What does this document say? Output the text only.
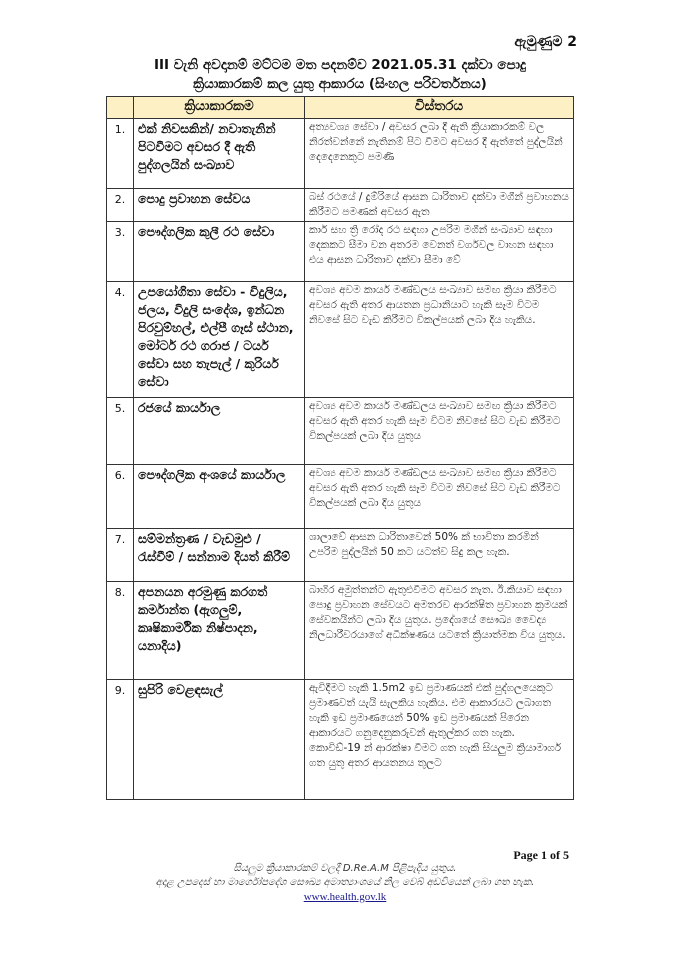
ඇමුණුම 2
III වැනි අවදානම් මට්ටම මත පදනම්ව 2021.05.31 දක්වා පොදු
ක්‍රියාකාරකම් කල යුතු ආකාරය (සිංහල පරිවර්තනය)
	ක්‍රියාකාරකම	විස්තරය
1.	එක් නිවසකින්/ නවාතැනින් පිටවීමට අවසර දී ඇති පුද්ගලයින් සංඛ්‍යාව	අත්‍යවශ්‍ය සේවා / අවසර ලබා දී ඇති ක්‍රියාකාරකම් වල නිරත්වන්නේ නැතිනම් පිට වීමට අවසර දී ඇත්තේ පුද්ලයින් දෙදෙනෙකුට පමණි
2.	පොදු ප්‍රවාහන සේවය	බස් රථයේ / දුම්රියේ ආසන ධාරිතාව දක්වා මගීන් ප්‍රවාහනය කිරීමට පමණක් අවසර ඇත
3.	පෞද්ගලික කුලී රථ සේවා	කාර් සහ ත්‍රි රෝද රථ සඳහා උපරිම මගීන් සංඛ්‍යාව සඳහා දෙකකට සීමා වන අතරම වෙනත් වර්ගවල වාහන සඳහා එය ආසන ධාරිතාව දක්වා සීමා වේ
4.	උපයෝගිතා සේවා - විදුලිය, ජලය, විදුලි සංදේශ, ඉන්ධන පිරවුම්හල්, එල්පී ගෑස් ස්ථාන, මෝටර් රථ ගරාජ / ටයර් සේවා සහ තැපැල් / කුරියර් සේවා	අවශ්‍ය අවම කාර්ය මණ්ඩලය සංඛ්‍යාව සමඟ ක්‍රියා කිරීමට අවසර ඇති අතර ආයතන ප්‍රධානියාට හැකි සෑම විටම නිවසේ සිට වැඩ කිරීමට විකල්පයක් ලබා දිය හැකිය.
5.	රජයේ කාර්යාල	අවශ්‍ය අවම කාර්ය මණ්ඩලය සංඛ්‍යාව සමඟ ක්‍රියා කිරීමට අවසර ඇති අතර හැකි සෑම විටම නිවසේ සිට වැඩ කිරීමට විකල්පයක් ලබා දිය යුතුය
6.	පෞද්ගලික අංශයේ කාර්යාල	අවශ්‍ය අවම කාර්ය මණ්ඩලය සංඛ්‍යාව සමඟ ක්‍රියා කිරීමට අවසර ඇති අතර හැකි සෑම විටම නිවසේ සිට වැඩ කිරීමට විකල්පයක් ලබා දිය යුතුය
7.	සම්මන්ත්‍රණ / වැඩමුළු / රැස්වීම් / සන්නාම දියත් කිරීම්	ශාලාවේ ආසන ධාරිතාවෙන් 50% ක් භාවිතා කරමින් උපරිම පුද්ලයින් 50 කට යටත්ව සිදු කල හැක.
8.	අපනයන අරමුණු කරගත් කර්මාන්ත (ඇගලුම්, කෘෂිකාර්මික නිෂ්පාදන, යනාදිය)	බාහිර අමුත්තන්ට ඇතුළුවීමට අවසර නැත. ඊ.කියාව සඳහා පොදු ප්‍රවාහන සේවයට අමතරව ආරක්ෂිත ප්‍රවාහන ක්‍රමයක් සේවකයින්ට ලබා දිය යුතුය. ප්‍රදේශයේ සෞඛ්‍ය වෛද්‍ය නිලධාරීවරයාගේ අධීක්ෂණය යටතේ ක්‍රියාත්මක විය යුතුය.
9.	සුපිරි වෙළඳසැල්	ඇවිදීමට හැකි 1.5m2 ඉඩ ප්‍රමාණයක් එක් පුද්ගලයෙකුට ප්‍රමාණවත් යැයි සැලකිය හැකිය. එම ආකාරයට ලබාගත හැකි ඉඩ ප්‍රමාණයෙන් 50% ඉඩ ප්‍රමාණයක් පිරෙන ආකාරයට ගනුදෙනුකරුවන් ඇතුල්කර ගත හැක. කොවිඩ්-19 න් ආරක්ෂා වීමට ගත හැකි සියලුම ක්‍රියාමාර්ග ගත යුතු අතර ආයතනය තුලට
Page 1 of 5
සියලුම ක්‍රියාකාරකම් වලදී D.Re.A.M පිළිපැදිය යුතුය.
අදාළ උපදෙස් හා මාර්ගෝපදේශ සෞඛ්‍ය අමාත්‍යාංශයේ නිල වෙබ් අඩවියෙන් ලබා ගත හැක.
www.health.gov.lk
